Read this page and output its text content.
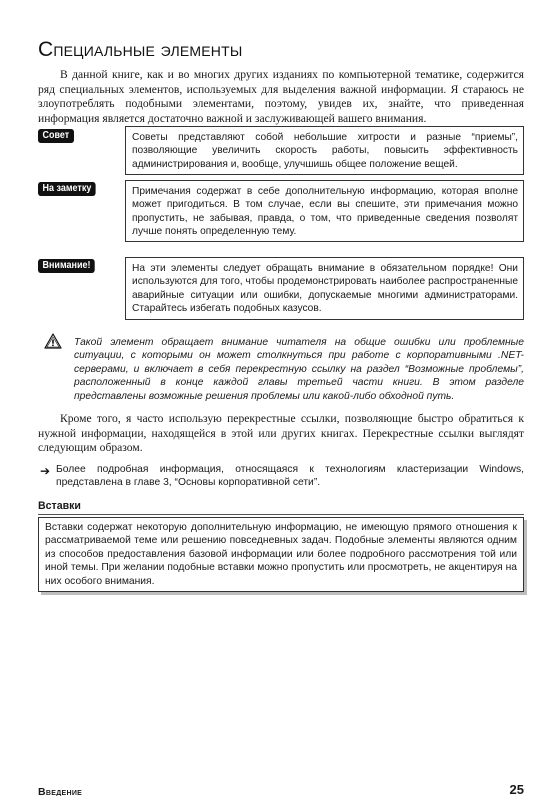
Специальные элементы

В данной книге, как и во многих других изданиях по компьютерной тематике, содержится ряд специальных элементов, используемых для выделения важной информации. Я стараюсь не злоупотреблять подобными элементами, поэтому, увидев их, знайте, что приведенная информация является достаточно важной и заслуживающей вашего внимания.

Совет	Советы представляют собой небольшие хитрости и разные “приемы”, позволяющие увеличить скорость работы, повысить эффективность администрирования и, вообще, улучшишь общее положение вещей.
На заметку	Примечания содержат в себе дополнительную информацию, которая вполне может пригодиться. В том случае, если вы спешите, эти примечания можно пропустить, не забывая, правда, о том, что приведенные сведения позволят лучше понять определенную тему.
Внимание!	На эти элементы следует обращать внимание в обязательном порядке! Они используются для того, чтобы продемонстрировать наиболее распространенные аварийные ситуации или ошибки, допускаемые многими администраторами. Старайтесь избегать подобных казусов.

Такой элемент обращает внимание читателя на общие ошибки или проблемные ситуации, с которыми он может столкнуться при работе с корпоративными .NET-серверами, и включает в себя перекрестную ссылку на раздел “Возможные проблемы”, расположенный в конце каждой главы третьей части книги. В этом разделе представлены возможные решения проблемы или какой-либо обходной путь.

Кроме того, я часто использую перекрестные ссылки, позволяющие быстро обратиться к нужной информации, находящейся в этой или других книгах. Перекрестные ссылки выглядят следующим образом.

➔ Более подробная информация, относящаяся к технологиям кластеризации Windows, представлена в главе 3, “Основы корпоративной сети”.

Вставки
Вставки содержат некоторую дополнительную информацию, не имеющую прямого отношения к рассматриваемой теме или решению повседневных задач. Подобные элементы являются одним из способов предоставления базовой информации или более подробного рассмотрения той или иной темы. При желании подобные вставки можно пропустить или просмотреть, не акцентируя на них особого внимания.
Введение	25
